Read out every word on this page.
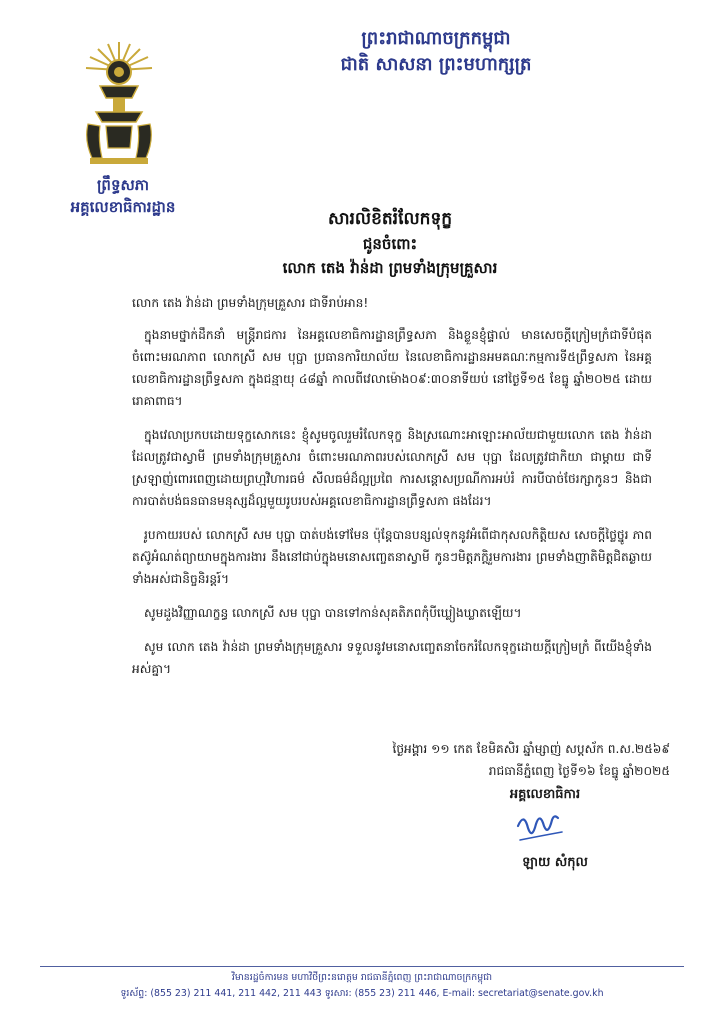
ព្រះរាជាណាចក្រកម្ពុជា
ជាតិ សាសនា ព្រះមហាក្សត្រ
ព្រឹទ្ធសភា
អគ្គលេខាធិការដ្ឋាន
សារលិខិតរំលែកទុក្ខ
ជូនចំពោះ
លោក តេង វ៉ាន់ដា ព្រមទាំងក្រុមគ្រួសារ

លោក តេង វ៉ាន់ដា ព្រមទាំងក្រុមគ្រួសារ ជាទីរាប់អាន!

ក្នុងនាមថ្នាក់ដឹកនាំ មន្ត្រីរាជការ នៃអគ្គលេខាធិការដ្ឋានព្រឹទ្ធសភា និងខ្លួនខ្ញុំផ្ទាល់ មានសេចក្តីក្រៀមក្រំជាទីបំផុតចំពោះមរណភាព លោកស្រី សម បុប្ផា ប្រធានការិយាល័យ នៃលេខាធិការដ្ឋានអមគណៈកម្មការទី៥ព្រឹទ្ធសភា នៃអគ្គលេខាធិការដ្ឋានព្រឹទ្ធសភា ក្នុងជន្មាយុ ៤៨ឆ្នាំ កាលពីវេលាម៉ោង០៩:៣០នាទីយប់ នៅថ្ងៃទី១៥ ខែធ្នូ ឆ្នាំ២០២៥ ដោយរោគាពាធ។

ក្នុងវេលាប្រកបដោយទុក្ខសោកនេះ ខ្ញុំសូមចូលរួមរំលែកទុក្ខ និងស្រណោះអាឡោះអាល័យជាមួយលោក តេង វ៉ាន់ដា ដែលត្រូវជាស្វាមី ព្រមទាំងក្រុមគ្រួសារ ចំពោះមរណភាពរបស់លោកស្រី សម បុប្ផា ដែលត្រូវជាកិយា ជាម្តាយ ជាទីស្រឡាញ់ពោរពេញដោយព្រហ្មវិហារធម៌ សីលធម៌ដ៏ល្អប្រពៃ ការសន្តោសប្រណីការអប់រំ ការបីបាច់ថែរក្សាកូនៗ និងជាការបាត់បង់ធនធានមនុស្សដ៏ល្អមួយរូបរបស់អគ្គលេខាធិការដ្ឋានព្រឹទ្ធសភា ផងដែរ។

រូបកាយរបស់ លោកស្រី សម បុប្ផា បាត់បង់ទៅមែន ប៉ុន្តែបានបន្សល់ទុកនូវអំពើជាកុសលកិត្តិយស សេចក្តីថ្លៃថ្នូរ ភាពតស៊ូអំណត់ព្យាយាមក្នុងការងារ នឹងនៅជាប់ក្នុងមនោសញ្ចេតនាស្វាមី កូនៗមិត្តភក្តិរួមការងារ ព្រមទាំងញាតិមិត្តជិតឆ្ងាយទាំងអស់ជានិច្ចនិរន្តរ៍។

សូមដួងវិញ្ញាណក្ខន្ធ លោកស្រី សម បុប្ផា បានទៅកាន់សុគតិភពកុំបីឃ្លៀងឃ្លាតឡើយ។

សូម លោក តេង វ៉ាន់ដា ព្រមទាំងក្រុមគ្រួសារ ទទួលនូវមនោសញ្ចេតនាចែករំលែកទុក្ខដោយក្តីក្រៀមក្រំ ពីយើងខ្ញុំទាំងអស់គ្នា។

ថ្ងៃអង្គារ ១១ កេត ខែមិគសិរ ឆ្នាំម្សាញ់ សប្តស័ក ព.ស.២៥៦៩
រាជធានីភ្នំពេញ ថ្ងៃទី១៦ ខែធ្នូ ឆ្នាំ២០២៥
អគ្គលេខាធិការ
ឡាយ សំកុល
វិមានរដ្ឋចំការមន មហាវិថីព្រះនរោត្តម រាជធានីភ្នំពេញ ព្រះរាជាណាចក្រកម្ពុជា
ទូរស័ព្ទ: (855 23) 211 441, 211 442, 211 443 ទូរសារ: (855 23) 211 446, E-mail: secretariat@senate.gov.kh
